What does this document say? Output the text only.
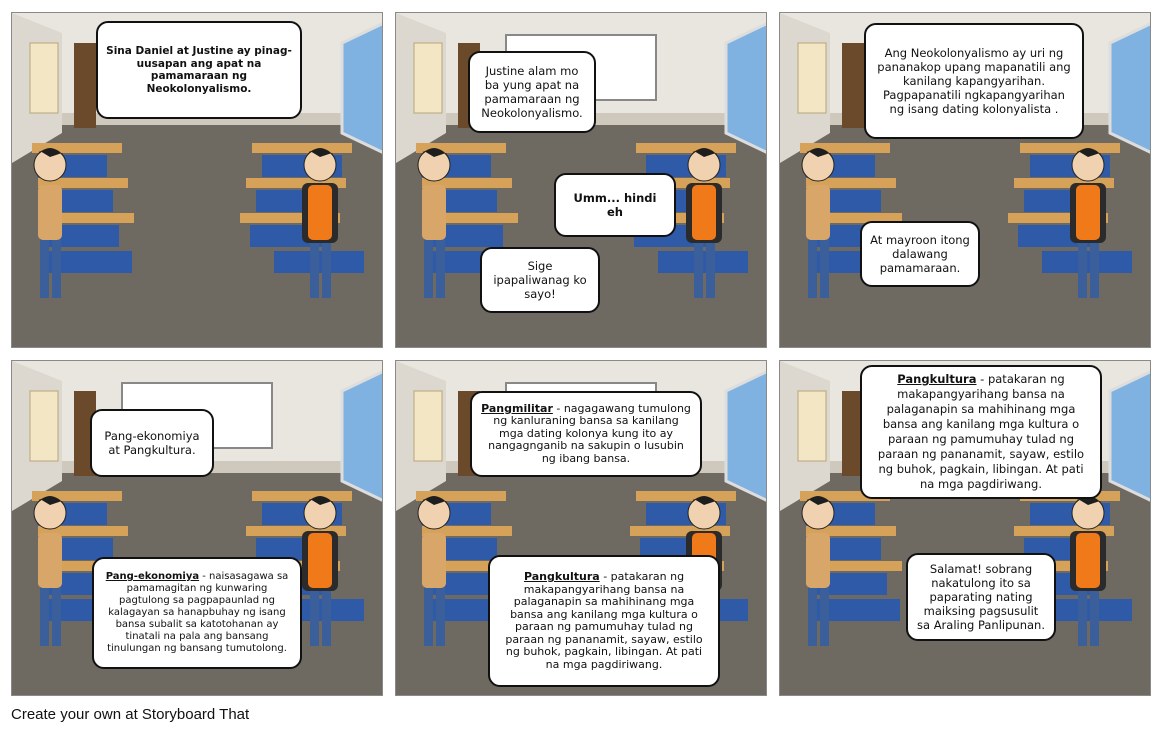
Sina Daniel at Justine ay pinag-uusapan ang apat na pamamaraan ng Neokolonyalismo.
Justine alam mo ba yung apat na pamamaraan ng Neokolonyalismo.
Umm... hindi eh
Sige ipapaliwanag ko sayo!
Ang Neokolonyalismo ay uri ng pananakop upang mapanatili ang kanilang kapangyarihan. Pagpapanatili ngkapangyarihan ng isang dating kolonyalista .
At mayroon itong dalawang pamamaraan.
Pang-ekonomiya at Pangkultura.
Pang-ekonomiya - naisasagawa sa pamamagitan ng kunwaring pagtulong sa pagpapaunlad ng kalagayan sa hanapbuhay ng isang bansa subalit sa katotohanan ay tinatali na pala ang bansang tinulungan ng bansang tumutolong.
Pangmilitar - nagagawang tumulong ng kanluraning bansa sa kanilang mga dating kolonya kung ito ay nangagnganib na sakupin o lusubin ng ibang bansa.
Pangkultura - patakaran ng makapangyarihang bansa na palaganapin sa mahihinang mga bansa ang kanilang mga kultura o paraan ng pamumuhay tulad ng paraan ng pananamit, sayaw, estilo ng buhok, pagkain, libingan. At pati na mga pagdiriwang.
Pangkultura - patakaran ng makapangyarihang bansa na palaganapin sa mahihinang mga bansa ang kanilang mga kultura o paraan ng pamumuhay tulad ng paraan ng pananamit, sayaw, estilo ng buhok, pagkain, libingan. At pati na mga pagdiriwang.
Salamat! sobrang nakatulong ito sa paparating nating maiksing pagsusulit sa Araling Panlipunan.
Create your own at Storyboard That
